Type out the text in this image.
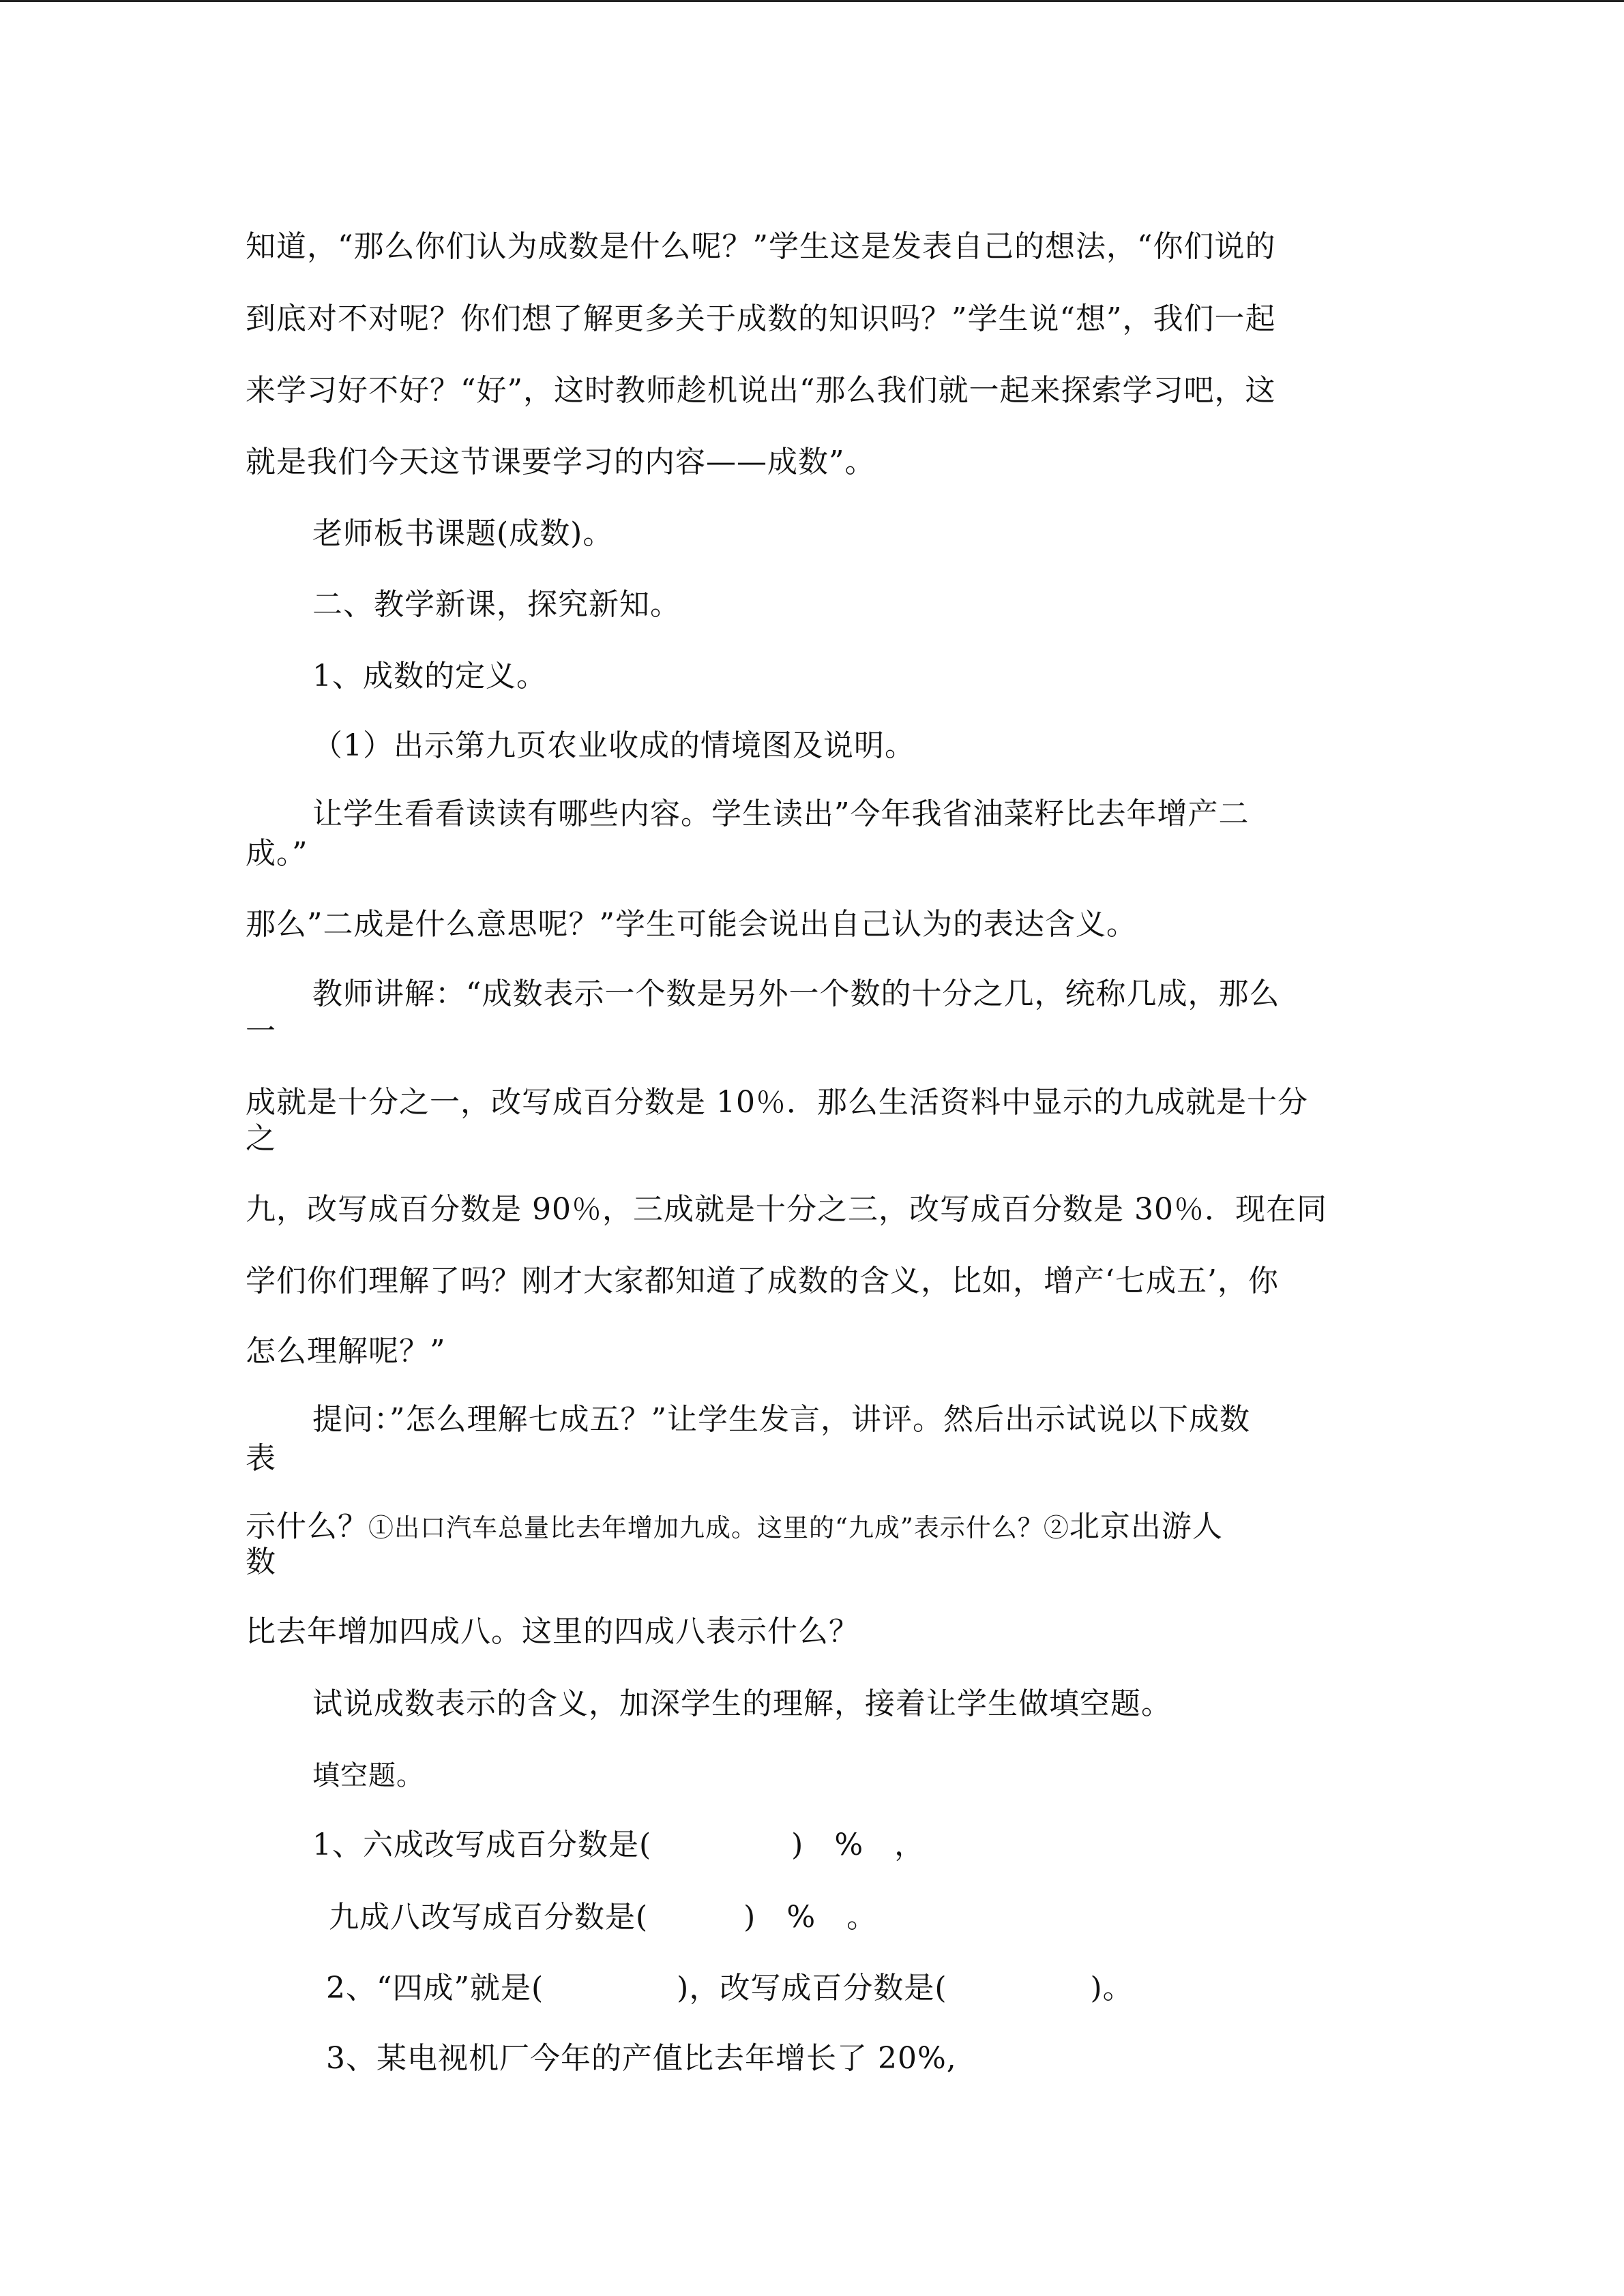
知道，“那么你们认为成数是什么呢？”学生这是发表自己的想法，“你们说的
到底对不对呢？你们想了解更多关于成数的知识吗？”学生说“想”，我们一起
来学习好不好？“好”，这时教师趁机说出“那么我们就一起来探索学习吧，这
就是我们今天这节课要学习的内容——成数”。
老师板书课题(成数)。
二、教学新课，探究新知。
1、成数的定义。
（1）出示第九页农业收成的情境图及说明。
让学生看看读读有哪些内容。学生读出”今年我省油菜籽比去年增产二
成。”
那么”二成是什么意思呢？”学生可能会说出自己认为的表达含义。
教师讲解：“成数表示一个数是另外一个数的十分之几，统称几成，那么
一
成就是十分之一，改写成百分数是 10％．那么生活资料中显示的九成就是十分
之
九，改写成百分数是 90％，三成就是十分之三，改写成百分数是 30％．现在同
学们你们理解了吗？刚才大家都知道了成数的含义，比如，增产‘七成五’，你
怎么理解呢？”
提问：”怎么理解七成五？”让学生发言，讲评。然后出示试说以下成数
表
示什么？①出口汽车总量比去年增加九成。这里的“九成”表示什么？②北京出游人
数
比去年增加四成八。这里的四成八表示什么？
试说成数表示的含义，加深学生的理解，接着让学生做填空题。
填空题。
1、六成改写成百分数是(	)　%　，
九成八改写成百分数是(	)　%　。
2、“四成”就是(	)，改写成百分数是(	)。
3、某电视机厂今年的产值比去年增长了 20%,
